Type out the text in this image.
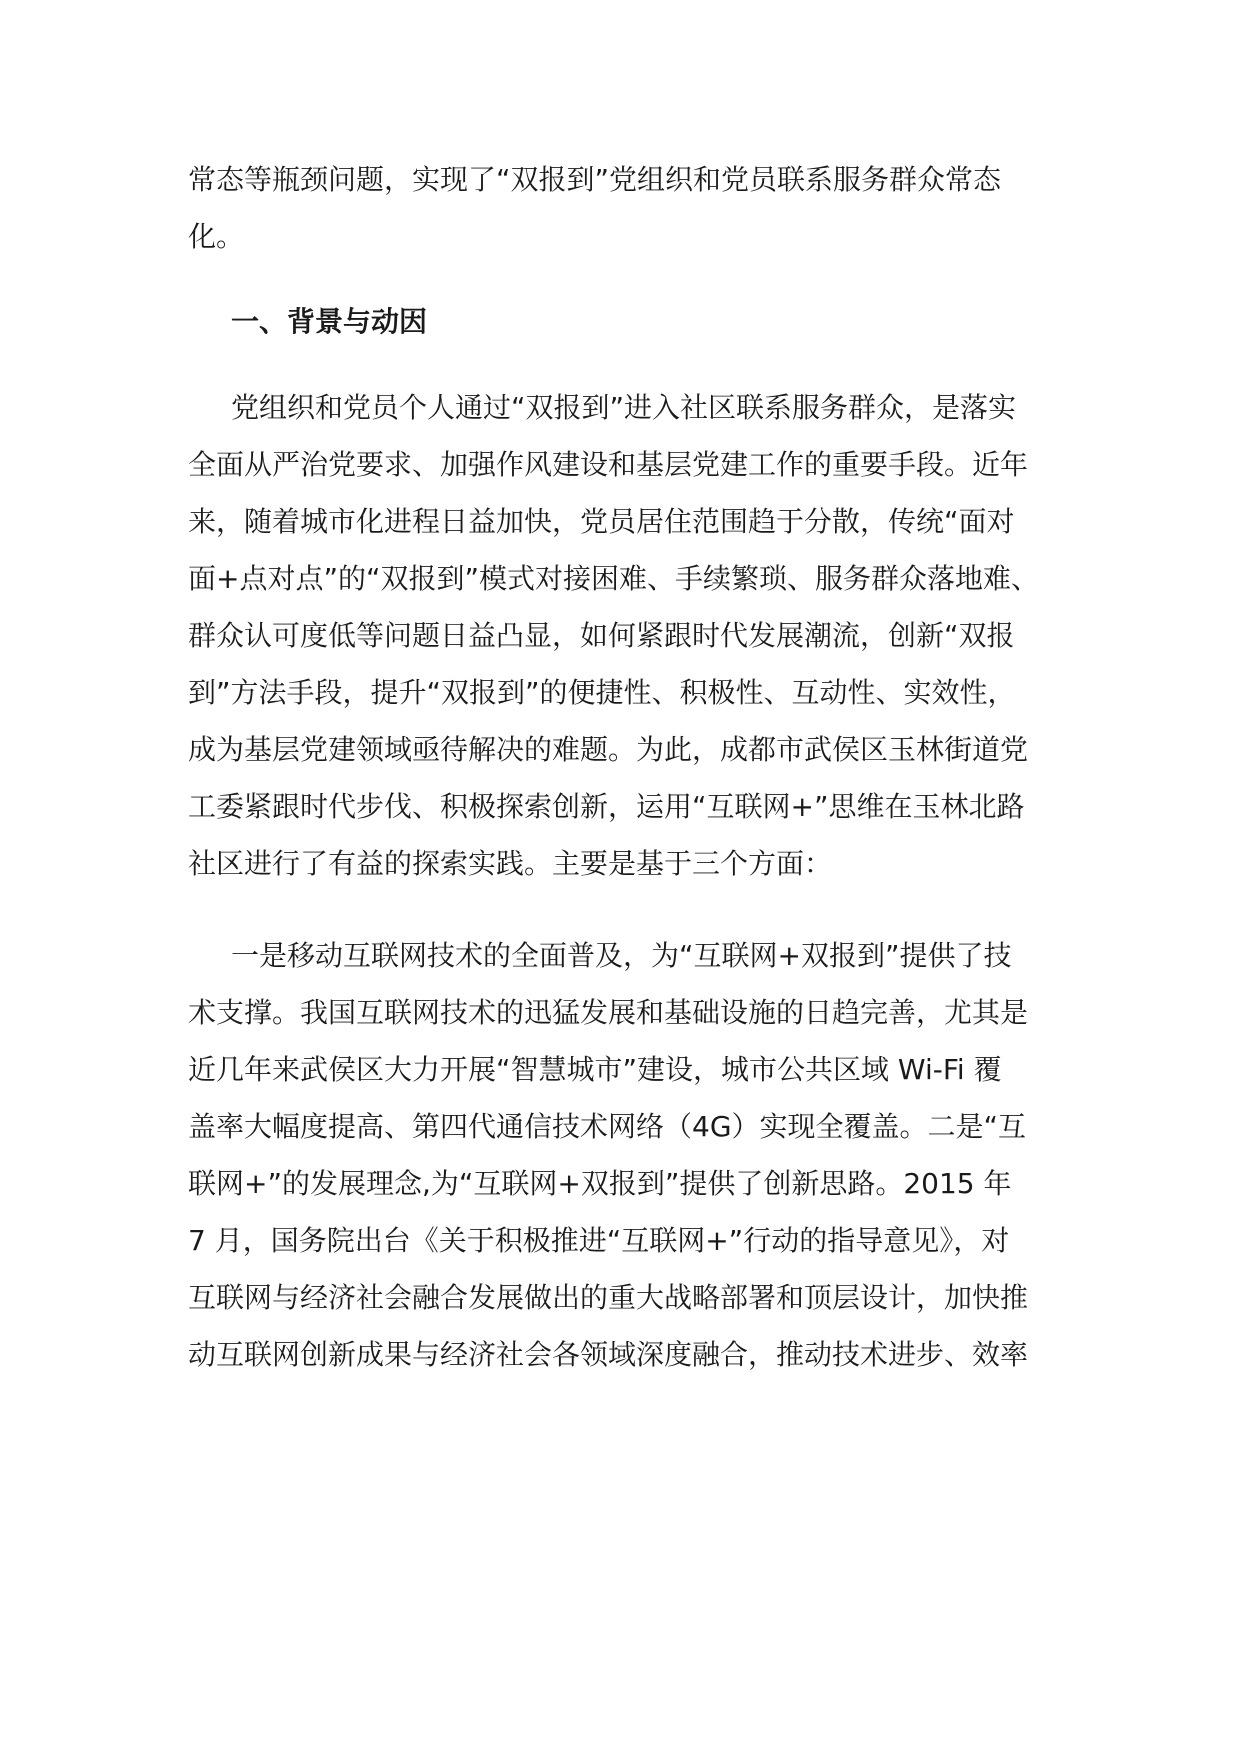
常态等瓶颈问题，实现了“双报到”党组织和党员联系服务群众常态

化。

一、背景与动因

党组织和党员个人通过“双报到”进入社区联系服务群众，是落实

全面从严治党要求、加强作风建设和基层党建工作的重要手段。近年

来，随着城市化进程日益加快，党员居住范围趋于分散，传统“面对

面+点对点”的“双报到”模式对接困难、手续繁琐、服务群众落地难、

群众认可度低等问题日益凸显，如何紧跟时代发展潮流，创新“双报

到”方法手段，提升“双报到”的便捷性、积极性、互动性、实效性，

成为基层党建领域亟待解决的难题。为此，成都市武侯区玉林街道党

工委紧跟时代步伐、积极探索创新，运用“互联网+”思维在玉林北路

社区进行了有益的探索实践。主要是基于三个方面：

一是移动互联网技术的全面普及，为“互联网+双报到”提供了技

术支撑。我国互联网技术的迅猛发展和基础设施的日趋完善，尤其是

近几年来武侯区大力开展“智慧城市”建设，城市公共区域 Wi-Fi 覆

盖率大幅度提高、第四代通信技术网络（4G）实现全覆盖。二是“互

联网+”的发展理念,为“互联网+双报到”提供了创新思路。2015 年

7 月，国务院出台《关于积极推进“互联网+”行动的指导意见》，对

互联网与经济社会融合发展做出的重大战略部署和顶层设计，加快推

动互联网创新成果与经济社会各领域深度融合，推动技术进步、效率
